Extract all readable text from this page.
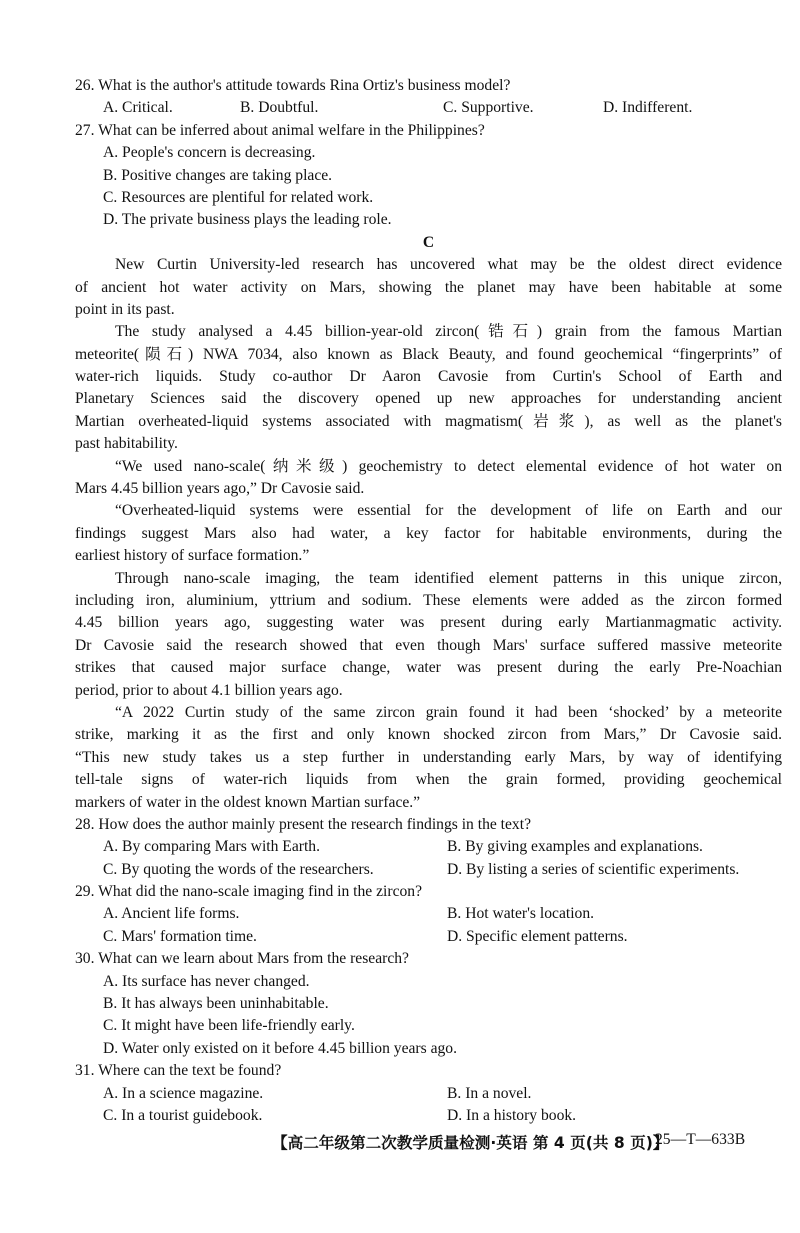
26. What is the author's attitude towards Rina Ortiz's business model?
A. Critical.	B. Doubtful.	C. Supportive.	D. Indifferent.
27. What can be inferred about animal welfare in the Philippines?
A. People's concern is decreasing.
B. Positive changes are taking place.
C. Resources are plentiful for related work.
D. The private business plays the leading role.
C
New Curtin University-led research has uncovered what may be the oldest direct evidence
of ancient hot water activity on Mars, showing the planet may have been habitable at some
point in its past.
The study analysed a 4.45 billion-year-old zircon(锆石) grain from the famous Martian
meteorite(陨石) NWA 7034, also known as Black Beauty, and found geochemical “fingerprints” of
water-rich liquids. Study co-author Dr Aaron Cavosie from Curtin's School of Earth and
Planetary Sciences said the discovery opened up new approaches for understanding ancient
Martian overheated-liquid systems associated with magmatism(岩浆), as well as the planet's
past habitability.
“We used nano-scale(纳米级) geochemistry to detect elemental evidence of hot water on
Mars 4.45 billion years ago,” Dr Cavosie said.
“Overheated-liquid systems were essential for the development of life on Earth and our
findings suggest Mars also had water, a key factor for habitable environments, during the
earliest history of surface formation.”
Through nano-scale imaging, the team identified element patterns in this unique zircon,
including iron, aluminium, yttrium and sodium. These elements were added as the zircon formed
4.45 billion years ago, suggesting water was present during early Martianmagmatic activity.
Dr Cavosie said the research showed that even though Mars' surface suffered massive meteorite
strikes that caused major surface change, water was present during the early Pre-Noachian
period, prior to about 4.1 billion years ago.
“A 2022 Curtin study of the same zircon grain found it had been ‘shocked’ by a meteorite
strike, marking it as the first and only known shocked zircon from Mars,” Dr Cavosie said.
“This new study takes us a step further in understanding early Mars, by way of identifying
tell-tale signs of water-rich liquids from when the grain formed, providing geochemical
markers of water in the oldest known Martian surface.”
28. How does the author mainly present the research findings in the text?
A. By comparing Mars with Earth.	B. By giving examples and explanations.
C. By quoting the words of the researchers.	D. By listing a series of scientific experiments.
29. What did the nano-scale imaging find in the zircon?
A. Ancient life forms.	B. Hot water's location.
C. Mars' formation time.	D. Specific element patterns.
30. What can we learn about Mars from the research?
A. Its surface has never changed.
B. It has always been uninhabitable.
C. It might have been life-friendly early.
D. Water only existed on it before 4.45 billion years ago.
31. Where can the text be found?
A. In a science magazine.	B. In a novel.
C. In a tourist guidebook.	D. In a history book.
【高二年级第二次教学质量检测·英语 第 4 页(共 8 页)】
25—T—633B
